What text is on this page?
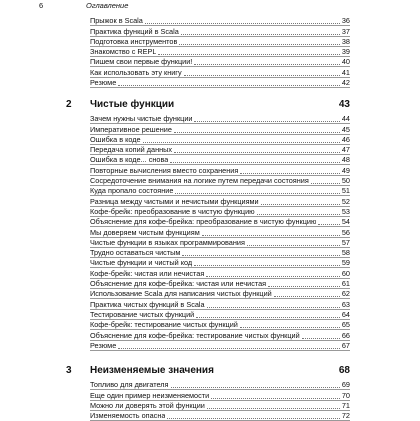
6	Оглавление
Прыжок в Scala	36
Практика функций в Scala	37
Подготовка инструментов	38
Знакомство с REPL	39
Пишем свои первые функции!	40
Как использовать эту книгу	41
Резюме	42
2	Чистые функции	43
Зачем нужны чистые функции	44
Императивное решение	45
Ошибка в коде	46
Передача копий данных	47
Ошибка в коде... снова	48
Повторные вычисления вместо сохранения	49
Сосредоточение внимания на логике путем передачи состояния	50
Куда пропало состояние	51
Разница между чистыми и нечистыми функциями	52
Кофе-брейк: преобразование в чистую функцию	53
Объяснение для кофе-брейка: преобразование в чистую функцию	54
Мы доверяем чистым функциям	56
Чистые функции в языках программирования	57
Трудно оставаться чистым	58
Чистые функции и чистый код	59
Кофе-брейк: чистая или нечистая	60
Объяснение для кофе-брейка: чистая или нечистая	61
Использование Scala для написания чистых функций	62
Практика чистых функций в Scala	63
Тестирование чистых функций	64
Кофе-брейк: тестирование чистых функций	65
Объяснение для кофе-брейка: тестирование чистых функций	66
Резюме	67
3	Неизменяемые значения	68
Топливо для двигателя	69
Еще один пример неизменяемости	70
Можно ли доверять этой функции	71
Изменяемость опасна	72
